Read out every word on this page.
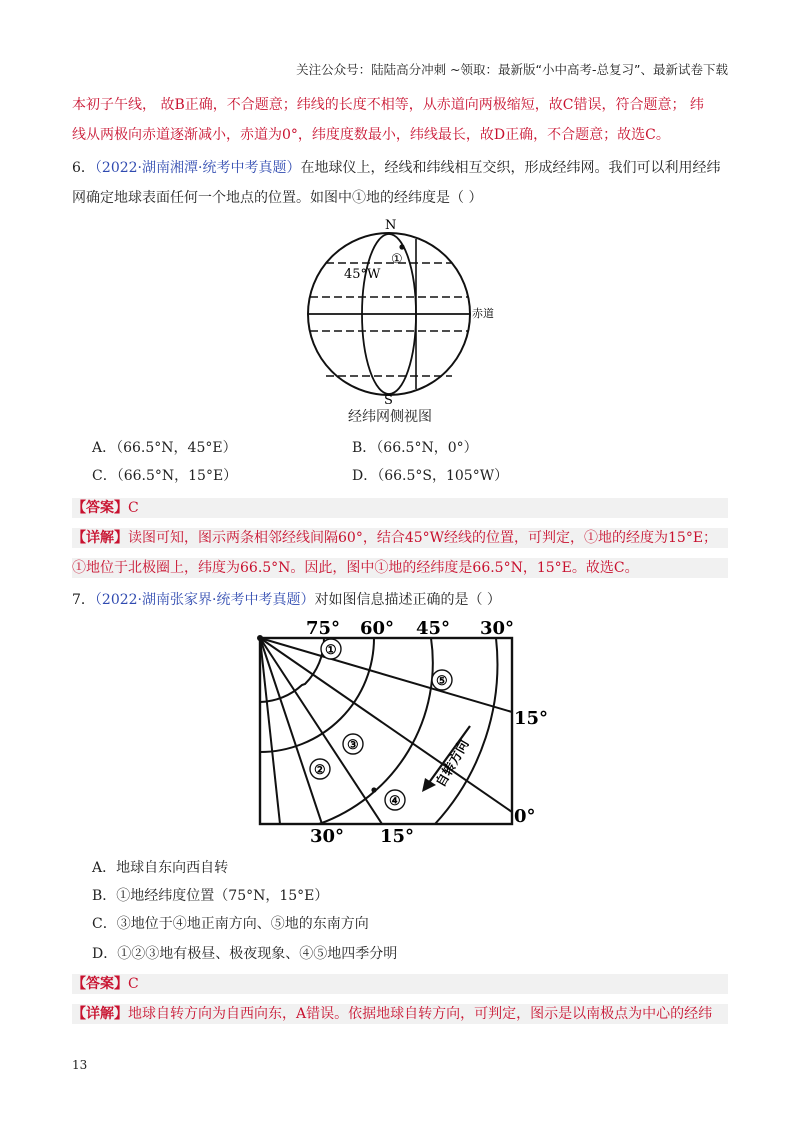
关注公众号：陆陆高分冲刺 ~领取：最新版“小中高考-总复习”、最新试卷下载
本初子午线， 故B正确，不合题意；纬线的长度不相等，从赤道向两极缩短，故C错误，符合题意； 纬
线从两极向赤道逐渐减小，赤道为0°，纬度度数最小，纬线最长，故D正确，不合题意；故选C。
6．（2022·湖南湘潭·统考中考真题）在地球仪上，经线和纬线相互交织，形成经纬网。我们可以利用经纬
网确定地球表面任何一个地点的位置。如图中①地的经纬度是（ ）
N
①
45°W
赤道
S
经纬网侧视图
A．（66.5°N，45°E）	B．（66.5°N，0°）
C．（66.5°N，15°E）	D．（66.5°S，105°W）
【答案】C
【详解】读图可知，图示两条相邻经线间隔60°，结合45°W经线的位置，可判定，①地的经度为15°E；
①地位于北极圈上，纬度为66.5°N。因此，图中①地的经纬度是66.5°N，15°E。故选C。
7．（2022·湖南张家界·统考中考真题）对如图信息描述正确的是（ ）
①
②
③
④
⑤
自转方向
75° 60° 45° 30°
15°
0°
30° 15°
A．地球自东向西自转
B．①地经纬度位置（75°N，15°E）
C．③地位于④地正南方向、⑤地的东南方向
D．①②③地有极昼、极夜现象、④⑤地四季分明
【答案】C
【详解】地球自转方向为自西向东，A错误。依据地球自转方向，可判定，图示是以南极点为中心的经纬
13
